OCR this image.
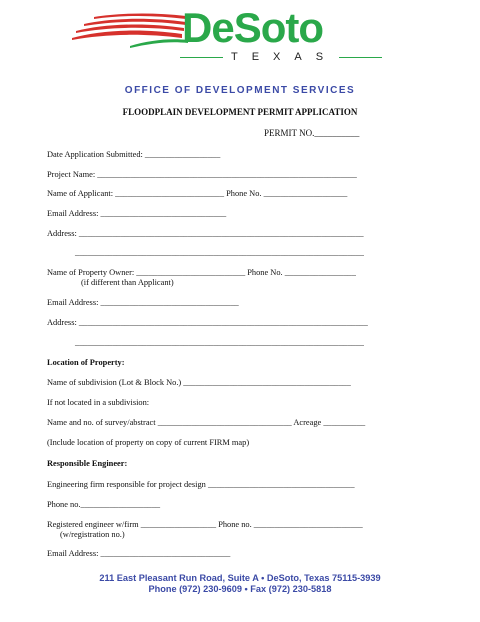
DeSoto
TEXAS
OFFICE OF DEVELOPMENT SERVICES
FLOODPLAIN DEVELOPMENT PERMIT APPLICATION
PERMIT NO.__________
Date Application Submitted: __________________
Project Name: ______________________________________________________________
Name of Applicant: __________________________ Phone No. ____________________
Email Address: ______________________________
Address: ____________________________________________________________________
_____________________________________________________________________
Name of Property Owner: __________________________ Phone No. _________________
(if different than Applicant)
Email Address: _________________________________
Address: _____________________________________________________________________
_____________________________________________________________________
Location of Property:
Name of subdivision (Lot & Block No.) ________________________________________
If not located in a subdivision:
Name and no. of survey/abstract ________________________________ Acreage __________
(Include location of property on copy of current FIRM map)
Responsible Engineer:
Engineering firm responsible for project design ___________________________________
Phone no.___________________
Registered engineer w/firm __________________ Phone no. __________________________
(w/registration no.)
Email Address: _______________________________
211 East Pleasant Run Road, Suite A • DeSoto, Texas 75115-3939
Phone (972) 230-9609 • Fax (972) 230-5818
